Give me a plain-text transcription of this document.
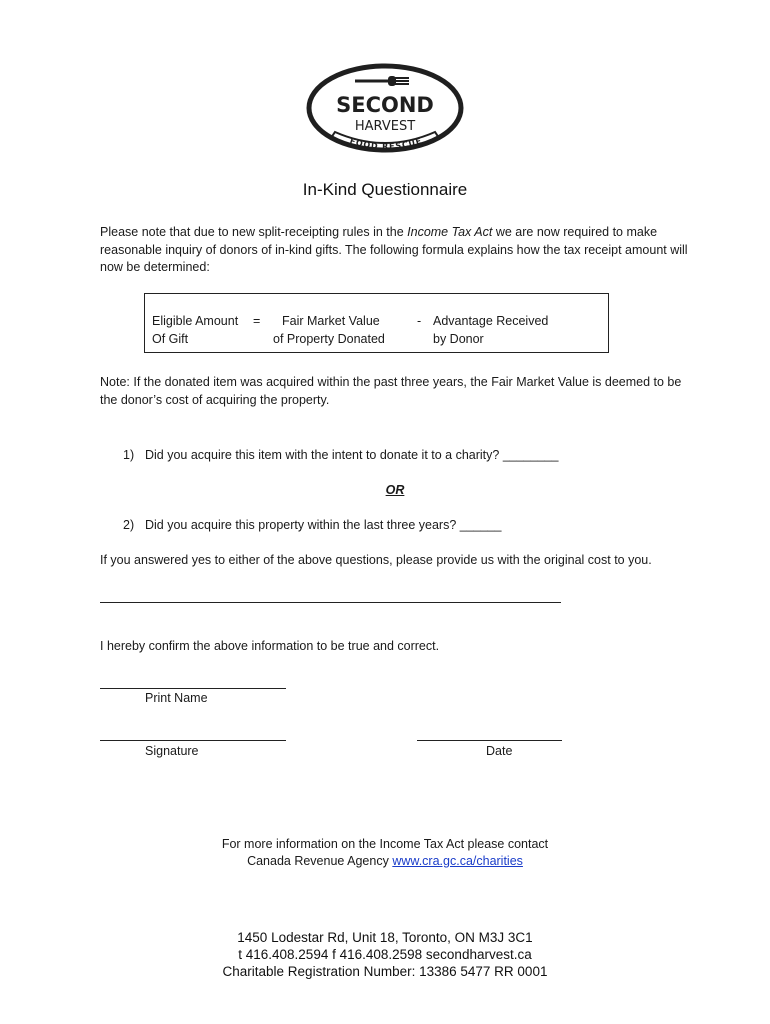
SECOND
HARVEST
FOOD RESCUE
In-Kind Questionnaire
Please note that due to new split-receipting rules in the Income Tax Act we are now required to make reasonable inquiry of donors of in-kind gifts. The following formula explains how the tax receipt amount will now be determined:
Eligible Amount
Of Gift
= Fair Market Value
of Property Donated
- Advantage Received
by Donor
Note: If the donated item was acquired within the past three years, the Fair Market Value is deemed to be the donor’s cost of acquiring the property.
1) Did you acquire this item with the intent to donate it to a charity? ________
OR
2) Did you acquire this property within the last three years? ______
If you answered yes to either of the above questions, please provide us with the original cost to you.
I hereby confirm the above information to be true and correct.
Print Name
Signature	Date
For more information on the Income Tax Act please contact
Canada Revenue Agency www.cra.gc.ca/charities
1450 Lodestar Rd, Unit 18, Toronto, ON M3J 3C1
t 416.408.2594 f 416.408.2598 secondharvest.ca
Charitable Registration Number: 13386 5477 RR 0001
